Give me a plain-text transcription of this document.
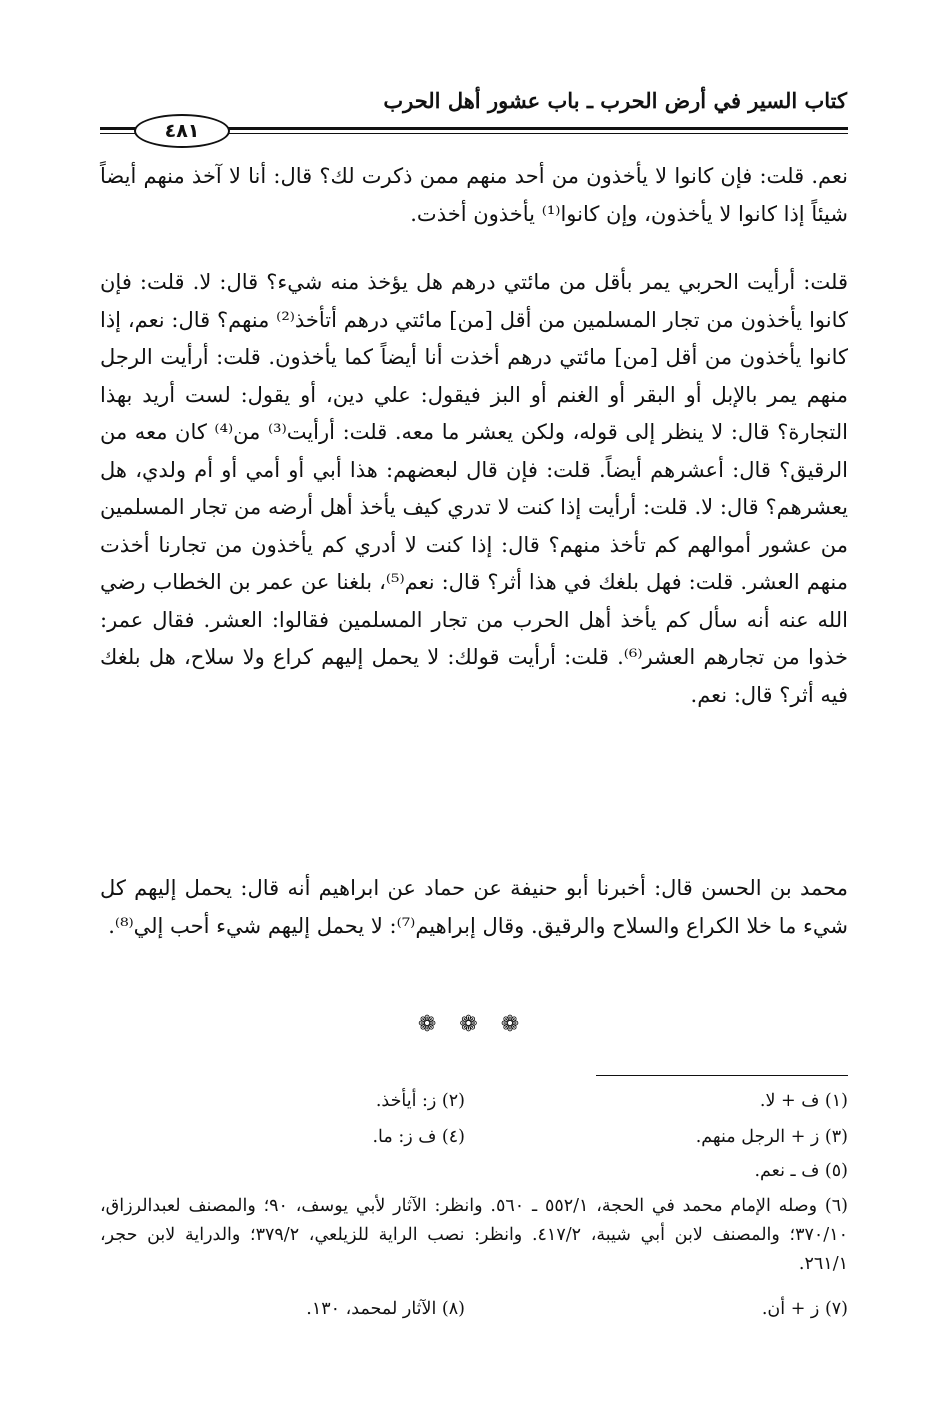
كتاب السير في أرض الحرب ـ باب عشور أهل الحرب
٤٨١
نعم. قلت: فإن كانوا لا يأخذون من أحد منهم ممن ذكرت لك؟ قال: أنا لا آخذ منهم أيضاً شيئاً إذا كانوا لا يأخذون، وإن كانوا⁽¹⁾ يأخذون أخذت.
قلت: أرأيت الحربي يمر بأقل من مائتي درهم هل يؤخذ منه شيء؟ قال: لا. قلت: فإن كانوا يأخذون من تجار المسلمين من أقل [من] مائتي درهم أتأخذ⁽²⁾ منهم؟ قال: نعم، إذا كانوا يأخذون من أقل [من] مائتي درهم أخذت أنا أيضاً كما يأخذون. قلت: أرأيت الرجل منهم يمر بالإبل أو البقر أو الغنم أو البز فيقول: علي دين، أو يقول: لست أريد بهذا التجارة؟ قال: لا ينظر إلى قوله، ولكن يعشر ما معه. قلت: أرأيت⁽³⁾ من⁽⁴⁾ كان معه من الرقيق؟ قال: أعشرهم أيضاً. قلت: فإن قال لبعضهم: هذا أبي أو أمي أو أم ولدي، هل يعشرهم؟ قال: لا. قلت: أرأيت إذا كنت لا تدري كيف يأخذ أهل أرضه من تجار المسلمين من عشور أموالهم كم تأخذ منهم؟ قال: إذا كنت لا أدري كم يأخذون من تجارنا أخذت منهم العشر. قلت: فهل بلغك في هذا أثر؟ قال: نعم⁽⁵⁾، بلغنا عن عمر بن الخطاب رضي الله عنه أنه سأل كم يأخذ أهل الحرب من تجار المسلمين فقالوا: العشر. فقال عمر: خذوا من تجارهم العشر⁽⁶⁾. قلت: أرأيت قولك: لا يحمل إليهم كراع ولا سلاح، هل بلغك فيه أثر؟ قال: نعم.
محمد بن الحسن قال: أخبرنا أبو حنيفة عن حماد عن ابراهيم أنه قال: يحمل إليهم كل شيء ما خلا الكراع والسلاح والرقيق. وقال إبراهيم⁽⁷⁾: لا يحمل إليهم شيء أحب إلي⁽⁸⁾.
❁ ❁ ❁
(١) ف + لا.
(٢) ز: أيأخذ.
(٣) ز + الرجل منهم.
(٤) ف ز: ما.
(٥) ف ـ نعم.
(٦) وصله الإمام محمد في الحجة، ٥٥٢/١ ـ ٥٦٠. وانظر: الآثار لأبي يوسف، ٩٠؛ والمصنف لعبدالرزاق، ٣٧٠/١٠؛ والمصنف لابن أبي شيبة، ٤١٧/٢. وانظر: نصب الراية للزيلعي، ٣٧٩/٢؛ والدراية لابن حجر، ٢٦١/١.
(٧) ز + أن.
(٨) الآثار لمحمد، ١٣٠.
